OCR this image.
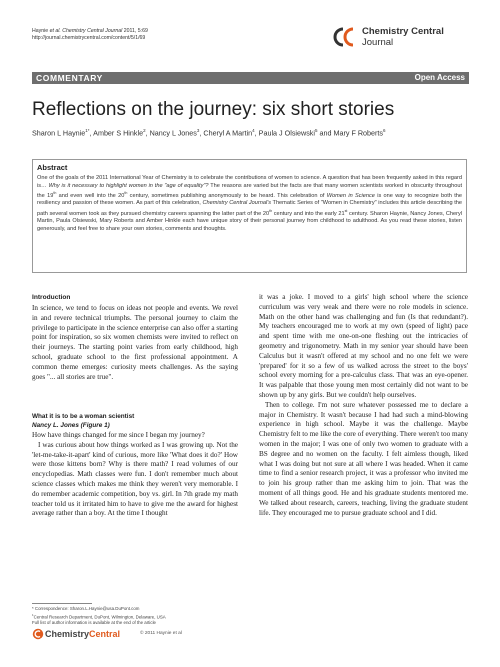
Haynie et al. Chemistry Central Journal 2011, 5:69
http://journal.chemistrycentral.com/content/5/1/69
Chemistry Central
Journal
COMMENTARY	Open Access
Reflections on the journey: six short stories
Sharon L Haynie$^{1*}$, Amber S Hinkle$^2$, Nancy L Jones$^3$, Cheryl A Martin$^4$, Paula J Olsiewski$^5$ and Mary F Roberts$^6$
Abstract
One of the goals of the 2011 International Year of Chemistry is to celebrate the contributions of women to science. A question that has been frequently asked in this regard is… Why is it necessary to highlight women in the "age of equality"? The reasons are varied but the facts are that many women scientists worked in obscurity throughout the 19th and even well into the 20th century, sometimes publishing anonymously to be heard. This celebration of Women in Science is one way to recognize both the resiliency and passion of these women. As part of this celebration, Chemistry Central Journal's Thematic Series of "Women in Chemistry" includes this article describing the path several women took as they pursued chemistry careers spanning the latter part of the 20th century and into the early 21st century. Sharon Haynie, Nancy Jones, Cheryl Martin, Paula Olsiewski, Mary Roberts and Amber Hinkle each have unique story of their personal journey from childhood to adulthood. As you read these stories, listen generously, and feel free to share your own stories, comments and thoughts.
Introduction

In science, we tend to focus on ideas not people and events. We revel in and revere technical triumphs. The personal journey to claim the privilege to participate in the science enterprise can also offer a starting point for inspiration, so six women chemists were invited to reflect on their journeys. The starting point varies from early childhood, high school, graduate school to the first professional appointment. A common theme emerges: curiosity meets challenges. As the saying goes "... all stories are true".

What it is to be a woman scientist
Nancy L. Jones (Figure 1)

How have things changed for me since I began my journey?

I was curious about how things worked as I was growing up. Not the 'let-me-take-it-apart' kind of curious, more like 'What does it do?' How were those kittens born? Why is there math? I read volumes of our encyclopedias. Math classes were fun. I don't remember much about science classes which makes me think they weren't very memorable. I do remember academic competition, boy vs. girl. In 7th grade my math teacher told us it irritated him to have to give me the award for highest average rather than a boy. At the time I thought

it was a joke. I moved to a girls' high school where the science curriculum was very weak and there were no role models in science. Math on the other hand was challenging and fun (Is that redundant?). My teachers encouraged me to work at my own (speed of light) pace and spent time with me one-on-one fleshing out the intricacies of geometry and trigonometry. Math in my senior year should have been Calculus but it wasn't offered at my school and no one felt we were 'prepared' for it so a few of us walked across the street to the boys' school every morning for a pre-calculus class. That was an eye-opener. It was palpable that those young men most certainly did not want to be shown up by any girls. But we couldn't help ourselves.

Then to college. I'm not sure whatever possessed me to declare a major in Chemistry. It wasn't because I had had such a mind-blowing experience in high school. Maybe it was the challenge. Maybe Chemistry felt to me like the core of everything. There weren't too many women in the major; I was one of only two women to graduate with a BS degree and no women on the faculty. I felt aimless though, liked what I was doing but not sure at all where I was headed. When it came time to find a senior research project, it was a professor who invited me to join his group rather than me asking him to join. That was the moment of all things good. He and his graduate students mentored me. We talked about research, careers, teaching, living the graduate student life. They encouraged me to pursue graduate school and I did.

* Correspondence: Sharon.L.Haynie@usa.DuPont.com
$^1$Central Research Department, DuPont, Wilmington, Delaware, USA
Full list of author information is available at the end of the article
ChemistryCentral	© 2011 Haynie et al
